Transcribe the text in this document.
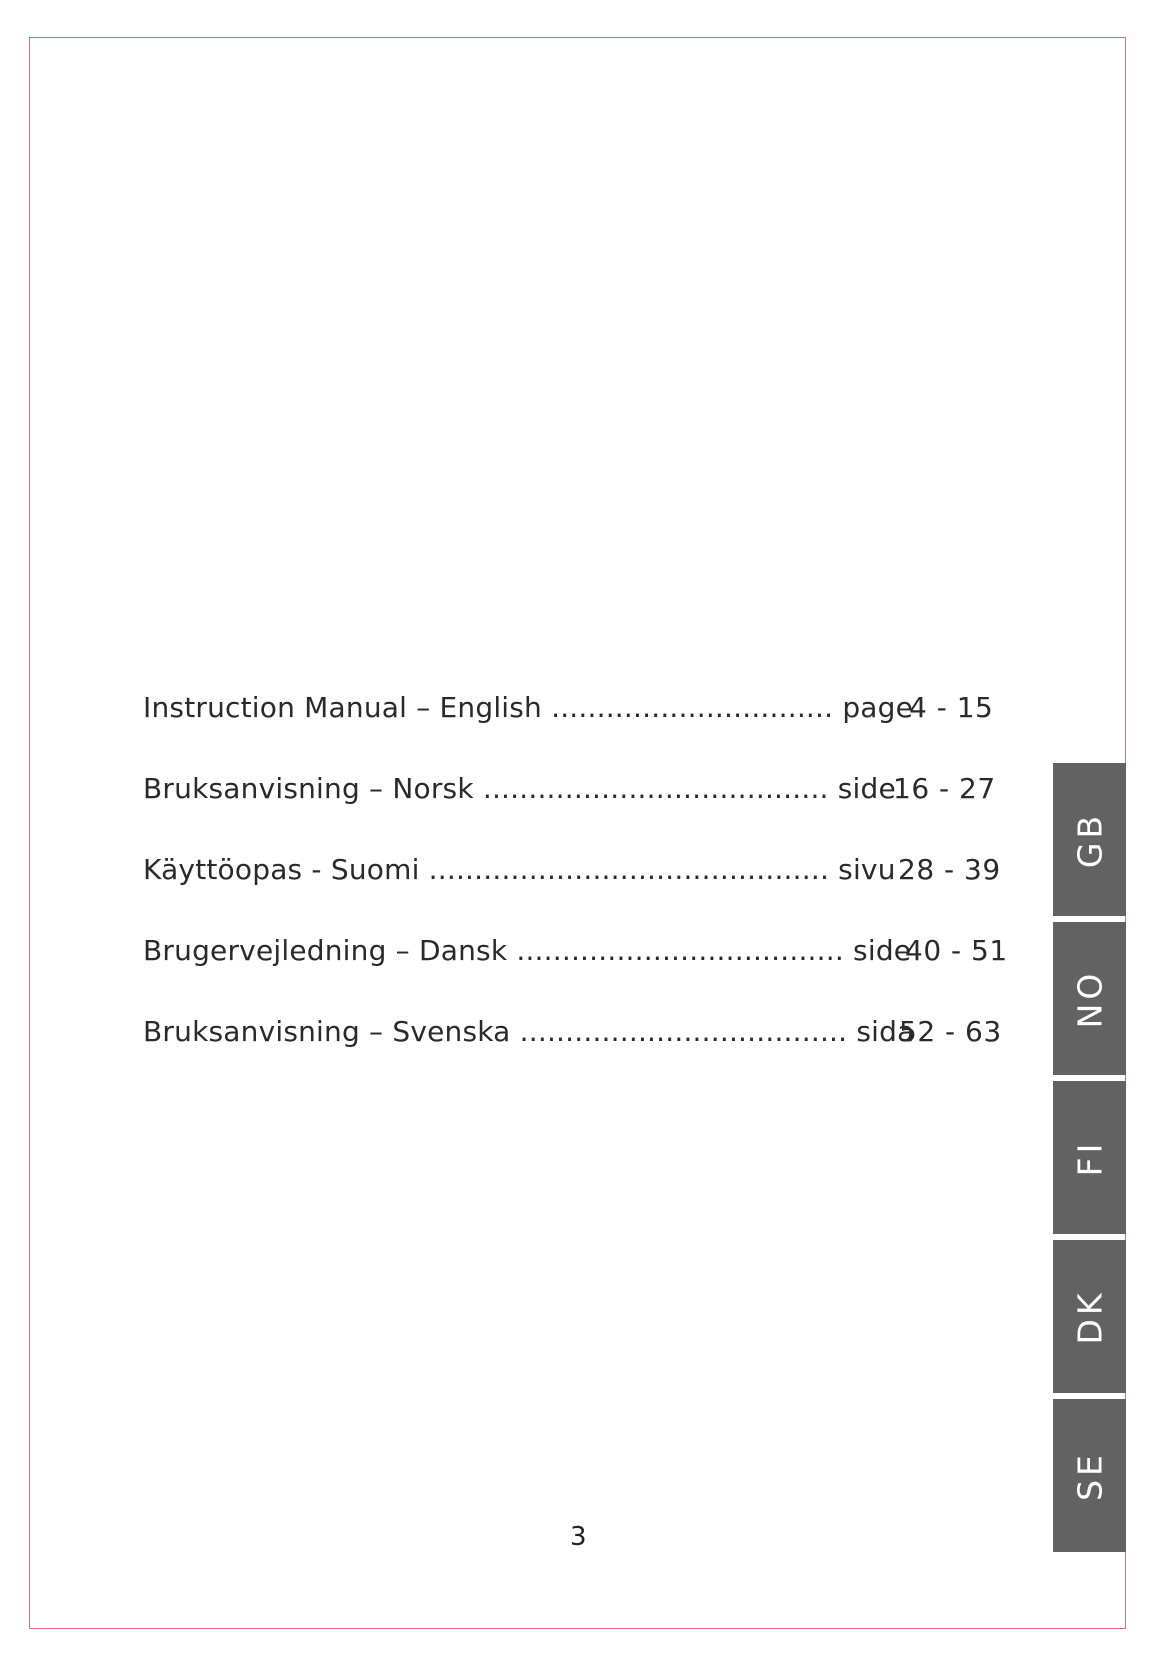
Instruction Manual – English ............................... page
4 - 15
Bruksanvisning – Norsk ...................................... side
16 - 27
Käyttöopas - Suomi ............................................ sivu 28 - 39
Brugervejledning – Dansk .................................... side
40 - 51
Bruksanvisning – Svenska .................................... sida
52 - 63
GB
NO
FI
DK
SE
3
